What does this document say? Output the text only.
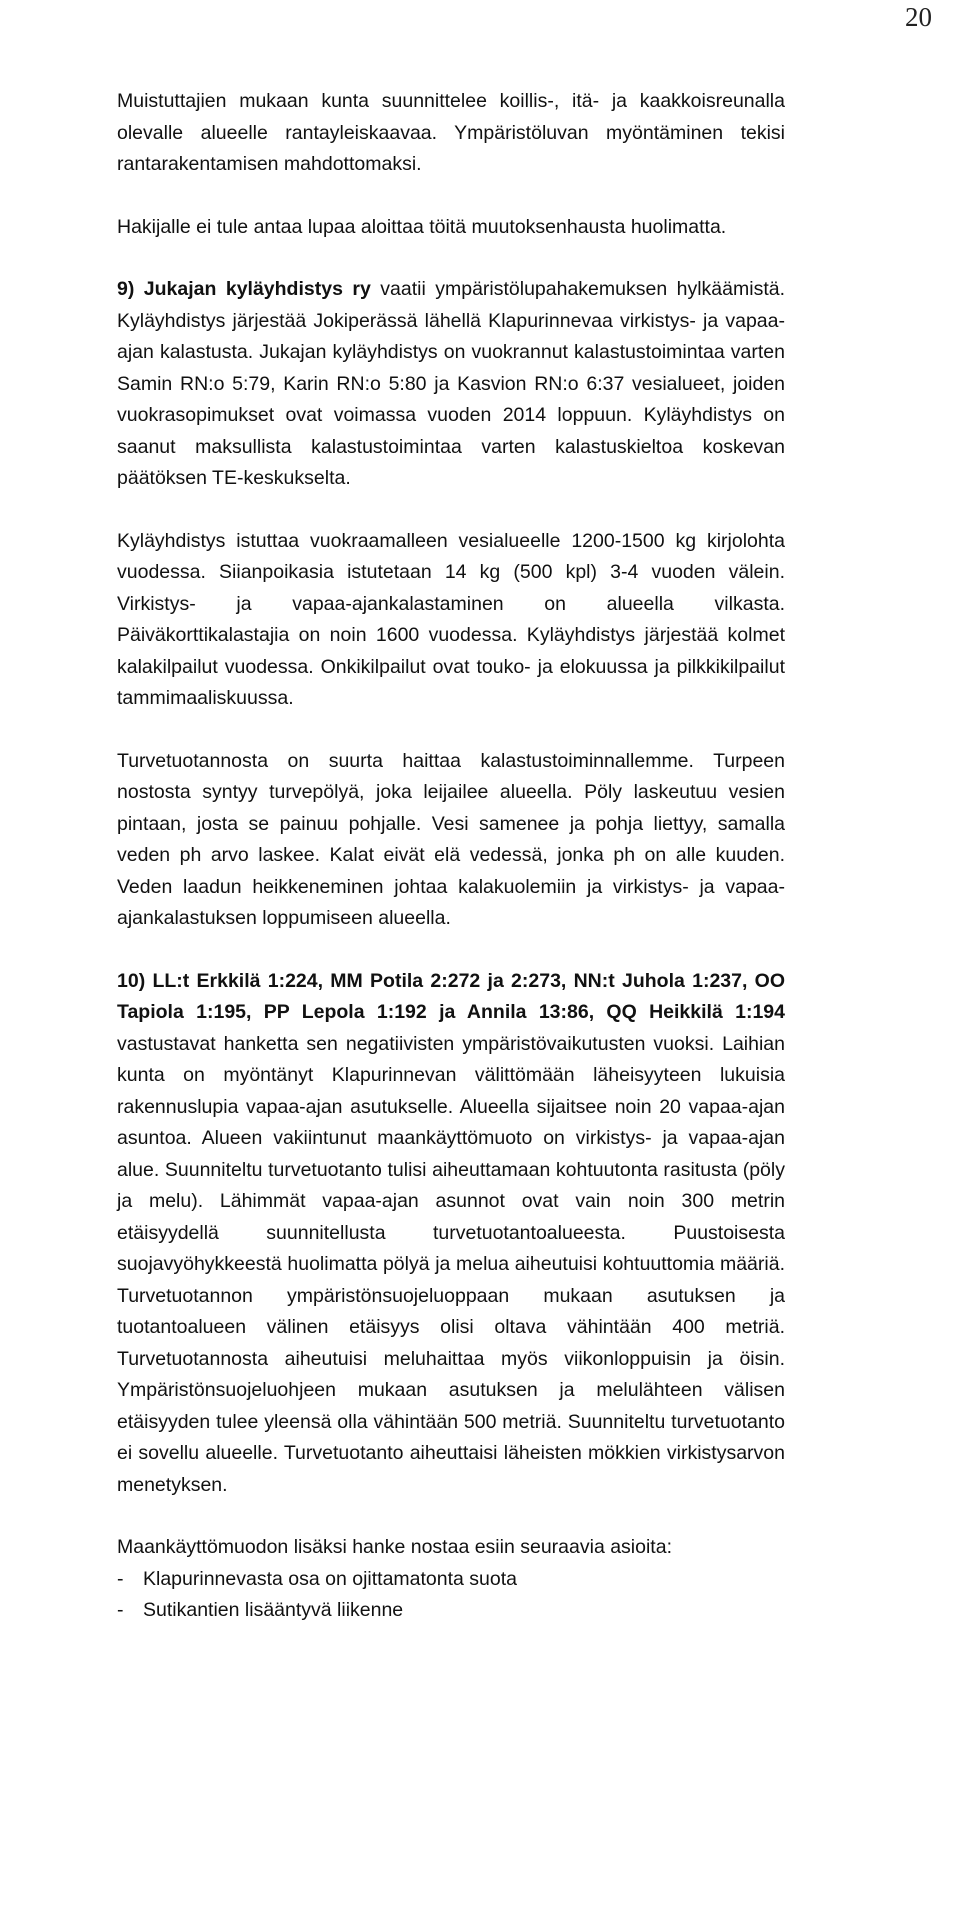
20

Muistuttajien mukaan kunta suunnittelee koillis-, itä- ja kaakkoisreunalla olevalle alueelle rantayleiskaavaa. Ympäristöluvan myöntäminen tekisi rantarakentamisen mahdottomaksi.

Hakijalle ei tule antaa lupaa aloittaa töitä muutoksenhausta huolimatta.

9) Jukajan kyläyhdistys ry vaatii ympäristölupahakemuksen hylkäämistä. Kyläyhdistys järjestää Jokiperässä lähellä Klapurinnevaa virkistys- ja vapaa-ajan kalastusta. Jukajan kyläyhdistys on vuokrannut kalastustoimintaa varten Samin RN:o 5:79, Karin RN:o 5:80 ja Kasvion RN:o 6:37 vesialueet, joiden vuokrasopimukset ovat voimassa vuoden 2014 loppuun. Kyläyhdistys on saanut maksullista kalastustoimintaa varten kalastuskieltoa koskevan päätöksen TE-keskukselta.

Kyläyhdistys istuttaa vuokraamalleen vesialueelle 1200-1500 kg kirjolohta vuodessa. Siianpoikasia istutetaan 14 kg (500 kpl) 3-4 vuoden välein. Virkistys- ja vapaa-ajankalastaminen on alueella vilkasta. Päiväkorttikalastajia on noin 1600 vuodessa. Kyläyhdistys järjestää kolmet kalakilpailut vuodessa. Onkikilpailut ovat touko- ja elokuussa ja pilkkikilpailut tammimaaliskuussa.

Turvetuotannosta on suurta haittaa kalastustoiminnallemme. Turpeen nostosta syntyy turvepölyä, joka leijailee alueella. Pöly laskeutuu vesien pintaan, josta se painuu pohjalle. Vesi samenee ja pohja liettyy, samalla veden ph arvo laskee. Kalat eivät elä vedessä, jonka ph on alle kuuden. Veden laadun heikkeneminen johtaa kalakuolemiin ja virkistys- ja vapaa-ajankalastuksen loppumiseen alueella.

10) LL:t Erkkilä 1:224, MM Potila 2:272 ja 2:273, NN:t Juhola 1:237, OO Tapiola 1:195, PP Lepola 1:192 ja Annila 13:86, QQ Heikkilä 1:194 vastustavat hanketta sen negatiivisten ympäristövaikutusten vuoksi. Laihian kunta on myöntänyt Klapurinnevan välittömään läheisyyteen lukuisia rakennuslupia vapaa-ajan asutukselle. Alueella sijaitsee noin 20 vapaa-ajan asuntoa. Alueen vakiintunut maankäyttömuoto on virkistys- ja vapaa-ajan alue. Suunniteltu turvetuotanto tulisi aiheuttamaan kohtuutonta rasitusta (pöly ja melu). Lähimmät vapaa-ajan asunnot ovat vain noin 300 metrin etäisyydellä suunnitellusta turvetuotantoalueesta. Puustoisesta suojavyöhykkeestä huolimatta pölyä ja melua aiheutuisi kohtuuttomia määriä. Turvetuotannon ympäristönsuojeluoppaan mukaan asutuksen ja tuotantoalueen välinen etäisyys olisi oltava vähintään 400 metriä. Turvetuotannosta aiheutuisi meluhaittaa myös viikonloppuisin ja öisin. Ympäristönsuojeluohjeen mukaan asutuksen ja melulähteen välisen etäisyyden tulee yleensä olla vähintään 500 metriä. Suunniteltu turvetuotanto ei sovellu alueelle. Turvetuotanto aiheuttaisi läheisten mökkien virkistysarvon menetyksen.

Maankäyttömuodon lisäksi hanke nostaa esiin seuraavia asioita:

-	Klapurinnevasta osa on ojittamatonta suota
-	Sutikantien lisääntyvä liikenne
